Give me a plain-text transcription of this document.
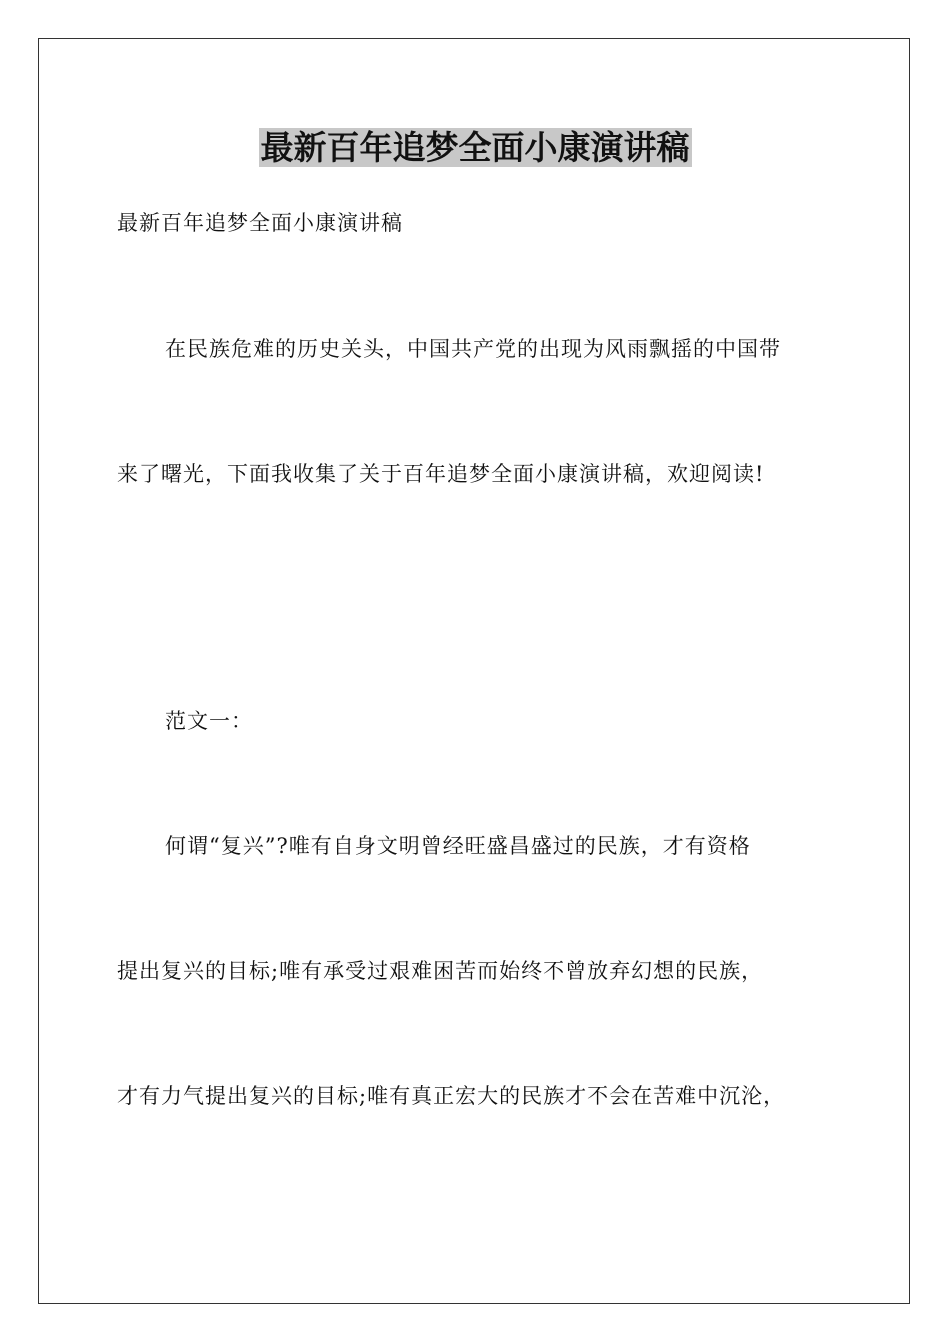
最新百年追梦全面小康演讲稿

最新百年追梦全面小康演讲稿

在民族危难的历史关头，中国共产党的出现为风雨飘摇的中国带

来了曙光，下面我收集了关于百年追梦全面小康演讲稿，欢迎阅读!

范文一：

何谓“复兴”?唯有自身文明曾经旺盛昌盛过的民族，才有资格

提出复兴的目标;唯有承受过艰难困苦而始终不曾放弃幻想的民族，

才有力气提出复兴的目标;唯有真正宏大的民族才不会在苦难中沉沦，
